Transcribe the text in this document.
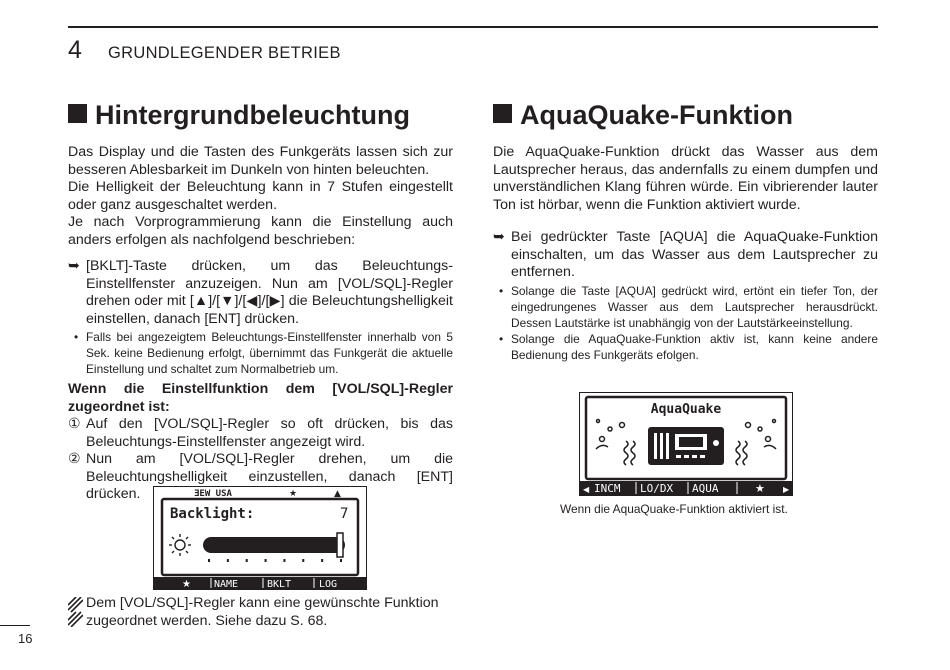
4 GRUNDLEGENDER BETRIEB
Hintergrundbeleuchtung

Das Display und die Tasten des Funkgeräts lassen sich zur besseren Ablesbarkeit im Dunkeln von hinten beleuchten.

Die Helligkeit der Beleuchtung kann in 7 Stufen eingestellt oder ganz ausgeschaltet werden.

Je nach Vorprogrammierung kann die Einstellung auch anders erfolgen als nachfolgend beschrieben:

➥ [BKLT]-Taste drücken, um das Beleuchtungs-Einstellfenster anzuzeigen. Nun am [VOL/SQL]-Regler drehen oder mit [▲]/[▼]/[◀]/[▶] die Beleuchtungshelligkeit einstellen, danach [ENT] drücken.
• Falls bei angezeigtem Beleuchtungs-Einstellfenster innerhalb von 5 Sek. keine Bedienung erfolgt, übernimmt das Funkgerät die aktuelle Einstellung und schaltet zum Normalbetrieb um.

Wenn die Einstellfunktion dem [VOL/SQL]-Regler zugeordnet ist:

① Auf den [VOL/SQL]-Regler so oft drücken, bis das Beleuchtungs-Einstellfenster angezeigt wird.
② Nun am [VOL/SQL]-Regler drehen, um die Beleuchtungshelligkeit einzustellen, danach [ENT] drücken.	ƎEW USA	★	▲
Backlight:	7
★ NAME	BKLT	LOG
Dem [VOL/SQL]-Regler kann eine gewünschte Funktion zugeordnet werden. Siehe dazu S. 68.
AquaQuake-Funktion

Die AquaQuake-Funktion drückt das Wasser aus dem Lautsprecher heraus, das andernfalls zu einem dumpfen und unverständlichen Klang führen würde. Ein vibrierender lauter Ton ist hörbar, wenn die Funktion aktiviert wurde.

➥ Bei gedrückter Taste [AQUA] die AquaQuake-Funktion einschalten, um das Wasser aus dem Lautsprecher zu entfernen.
• Solange die Taste [AQUA] gedrückt wird, ertönt ein tiefer Ton, der eingedrungenes Wasser aus dem Lautsprecher herausdrückt. Dessen Lautstärke ist unabhängig von der Lautstärkeeinstellung.
• Solange die AquaQuake-Funktion aktiv ist, kann keine andere Bedienung des Funkgeräts efolgen.
AquaQuake
◀	▶
INCM LO/DX AQUA	★
Wenn die AquaQuake-Funktion aktiviert ist.
16
